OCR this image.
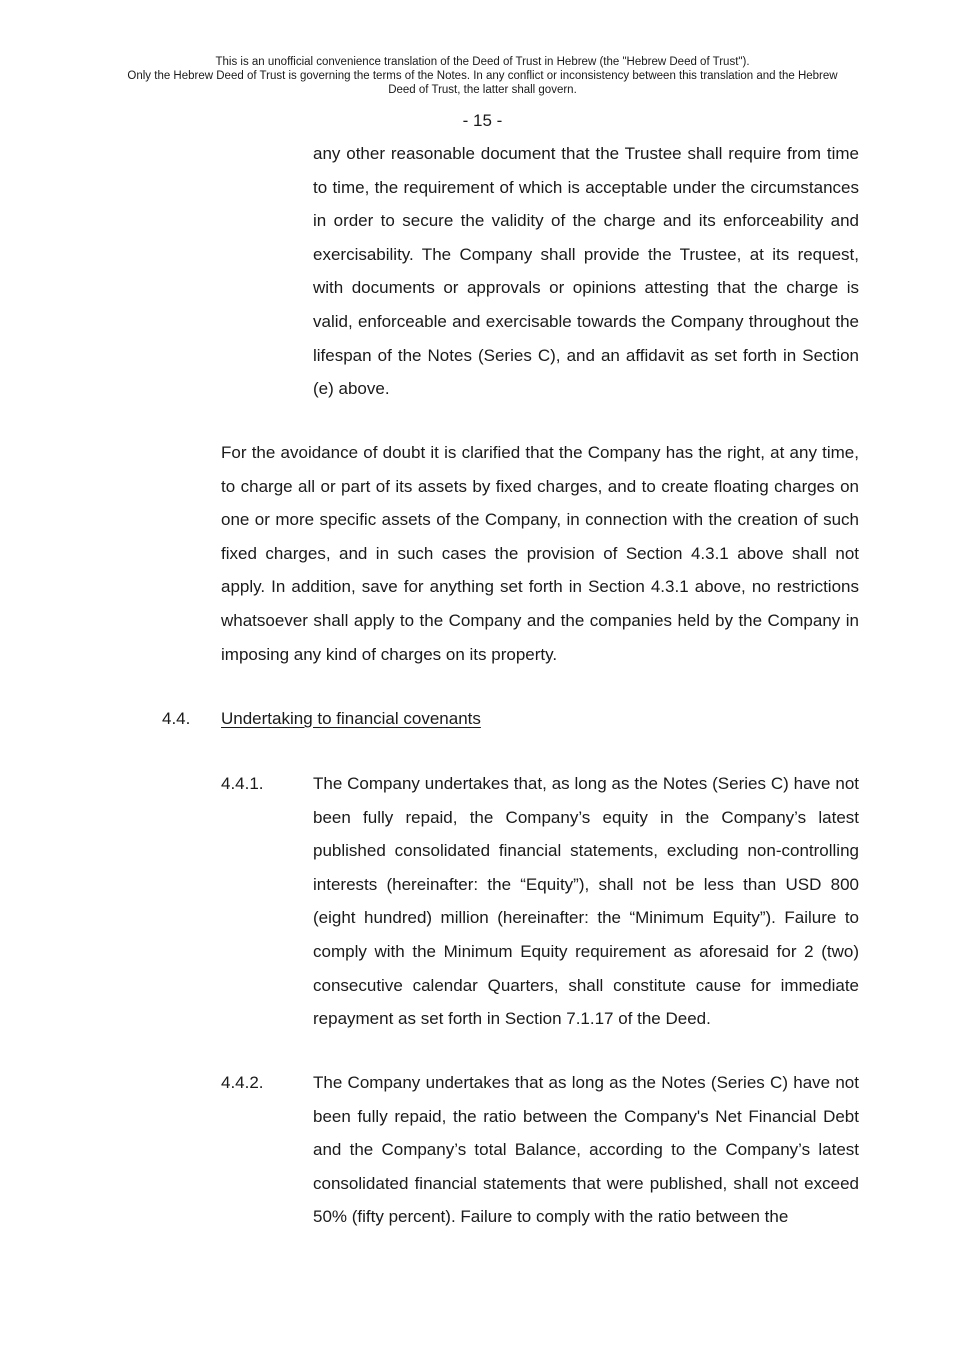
This is an unofficial convenience translation of the Deed of Trust in Hebrew (the "Hebrew Deed of Trust").
Only the Hebrew Deed of Trust is governing the terms of the Notes. In any conflict or inconsistency between this translation and the Hebrew
Deed of Trust, the latter shall govern.
- 15 -
any other reasonable document that the Trustee shall require from time to time, the requirement of which is acceptable under the circumstances in order to secure the validity of the charge and its enforceability and exercisability. The Company shall provide the Trustee, at its request, with documents or approvals or opinions attesting that the charge is valid, enforceable and exercisable towards the Company throughout the lifespan of the Notes (Series C), and an affidavit as set forth in Section (e) above.
For the avoidance of doubt it is clarified that the Company has the right, at any time, to charge all or part of its assets by fixed charges, and to create floating charges on one or more specific assets of the Company, in connection with the creation of such fixed charges, and in such cases the provision of Section 4.3.1 above shall not apply. In addition, save for anything set forth in Section 4.3.1 above, no restrictions whatsoever shall apply to the Company and the companies held by the Company in imposing any kind of charges on its property.
4.4. Undertaking to financial covenants
4.4.1.	The Company undertakes that, as long as the Notes (Series C) have not been fully repaid, the Company’s equity in the Company’s latest published consolidated financial statements, excluding non-controlling interests (hereinafter: the “Equity”), shall not be less than USD 800 (eight hundred) million (hereinafter: the “Minimum Equity”). Failure to comply with the Minimum Equity requirement as aforesaid for 2 (two) consecutive calendar Quarters, shall constitute cause for immediate repayment as set forth in Section 7.1.17 of the Deed.
4.4.2.	The Company undertakes that as long as the Notes (Series C) have not been fully repaid, the ratio between the Company's Net Financial Debt and the Company’s total Balance, according to the Company’s latest consolidated financial statements that were published, shall not exceed 50% (fifty percent). Failure to comply with the ratio between the
